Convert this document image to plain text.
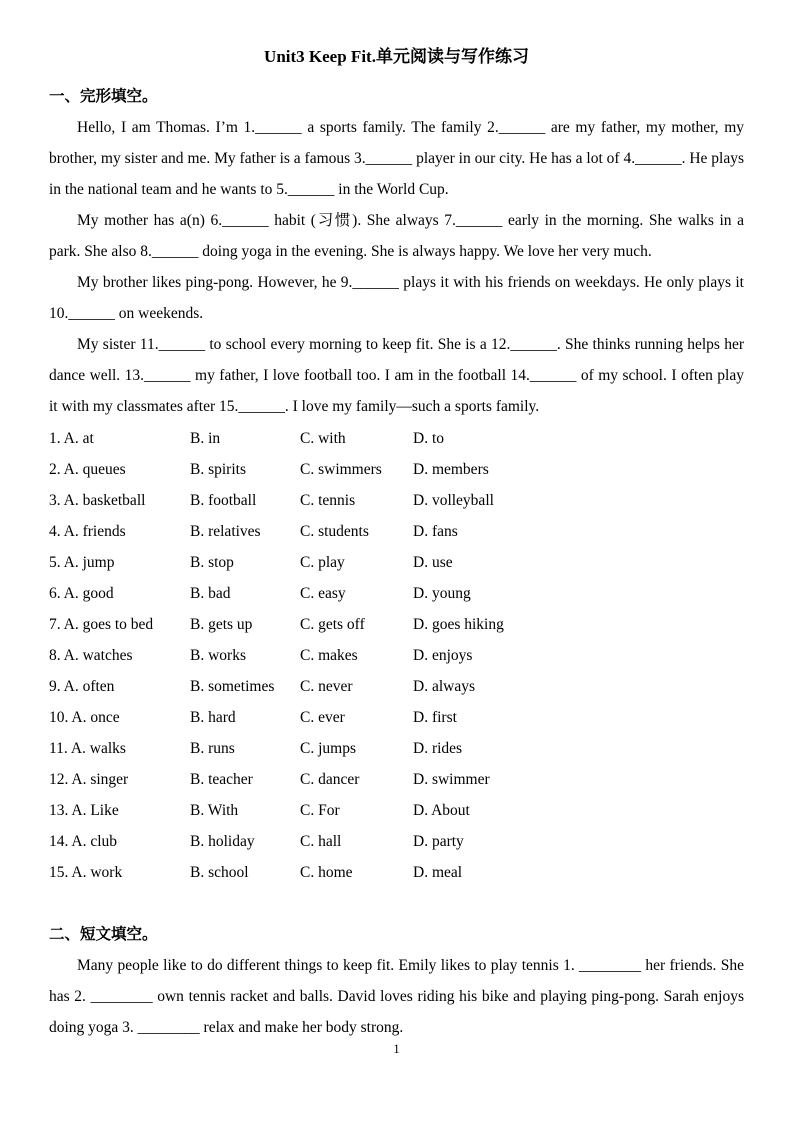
Unit3 Keep Fit.单元阅读与写作练习
一、完形填空。

Hello, I am Thomas. I’m 1.______ a sports family. The family 2.______ are my father, my mother, my brother, my sister and me. My father is a famous 3.______ player in our city. He has a lot of 4.______. He plays in the national team and he wants to 5.______ in the World Cup.

My mother has a(n) 6.______ habit (习惯). She always 7.______ early in the morning. She walks in a park. She also 8.______ doing yoga in the evening. She is always happy. We love her very much.

My brother likes ping-pong. However, he 9.______ plays it with his friends on weekdays. He only plays it 10.______ on weekends.

My sister 11.______ to school every morning to keep fit. She is a 12.______. She thinks running helps her dance well. 13.______ my father, I love football too. I am in the football 14.______ of my school. I often play it with my classmates after 15.______. I love my family—such a sports family.

1. A. at	B. in	C. with	D. to
2. A. queues	B. spirits	C. swimmers	D. members
3. A. basketball	B. football	C. tennis	D. volleyball
4. A. friends	B. relatives	C. students	D. fans
5. A. jump	B. stop	C. play	D. use
6. A. good	B. bad	C. easy	D. young
7. A. goes to bed	B. gets up	C. gets off	D. goes hiking
8. A. watches	B. works	C. makes	D. enjoys
9. A. often	B. sometimes	C. never	D. always
10. A. once	B. hard	C. ever	D. first
11. A. walks	B. runs	C. jumps	D. rides
12. A. singer	B. teacher	C. dancer	D. swimmer
13. A. Like	B. With	C. For	D. About
14. A. club	B. holiday	C. hall	D. party
15. A. work	B. school	C. home	D. meal
二、短文填空。

Many people like to do different things to keep fit. Emily likes to play tennis 1. ________ her friends. She has 2. ________ own tennis racket and balls. David loves riding his bike and playing ping-pong. Sarah enjoys doing yoga 3. ________ relax and make her body strong.

1
